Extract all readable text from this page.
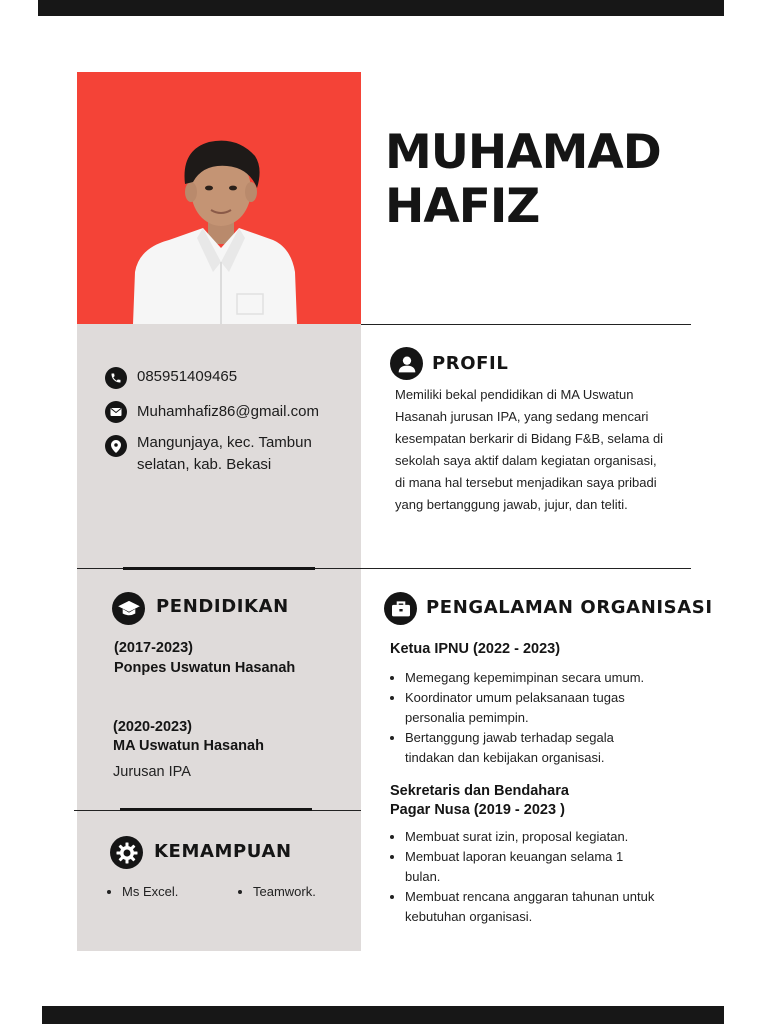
MUHAMAD
HAFIZ
085951409465
Muhamhafiz86@gmail.com
Mangunjaya, kec. Tambun
selatan, kab. Bekasi
PROFIL
Memiliki bekal pendidikan di MA Uswatun
Hasanah jurusan IPA, yang sedang mencari
kesempatan berkarir di Bidang F&B, selama di
sekolah saya aktif dalam kegiatan organisasi,
di mana hal tersebut menjadikan saya pribadi
yang bertanggung jawab, jujur, dan teliti.
PENDIDIKAN
(2017-2023)
Ponpes Uswatun Hasanah
(2020-2023)
MA Uswatun Hasanah
Jurusan IPA
KEMAMPUAN
• Ms Excel.
•	Teamwork.
PENGALAMAN ORGANISASI
Ketua IPNU (2022 - 2023)
• Memegang kepemimpinan secara umum.
• Koordinator umum pelaksanaan tugas personalia pemimpin.
• Bertanggung jawab terhadap segala tindakan dan kebijakan organisasi.
Sekretaris dan Bendahara
Pagar Nusa (2019 - 2023 )
• Membuat surat izin, proposal kegiatan.
• Membuat laporan keuangan selama 1 bulan.
• Membuat rencana anggaran tahunan untuk kebutuhan organisasi.
